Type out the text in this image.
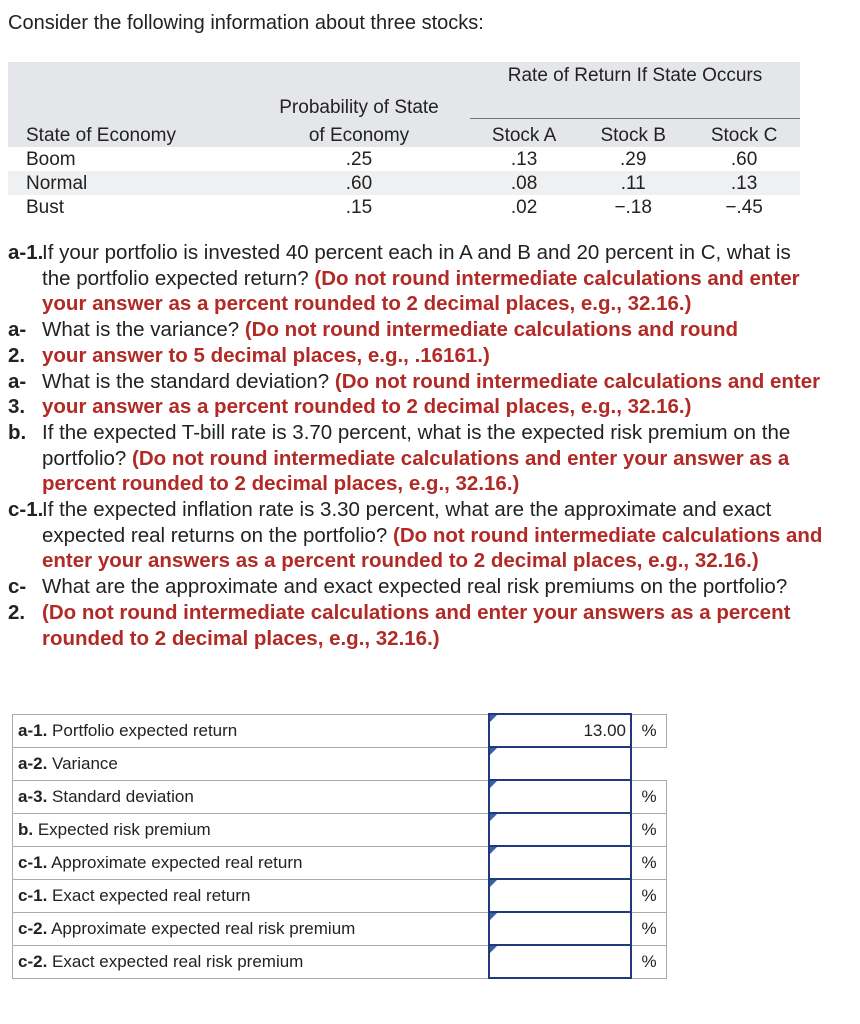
Consider the following information about three stocks:
		Rate of Return If State Occurs		
	Probability of State			
State of Economy	of Economy	Stock A	Stock B	Stock C
Boom	.25	.13	.29	.60
Normal	.60	.08	.11	.13
Bust	.15	.02	−.18	−.45
a-1.
If your portfolio is invested 40 percent each in A and B and 20 percent in C, what is
the portfolio expected return? (Do not round intermediate calculations and enter
your answer as a percent rounded to 2 decimal places, e.g., 32.16.)
a-
2.
What is the variance? (Do not round intermediate calculations and round
your answer to 5 decimal places, e.g., .16161.)
a-
3.
What is the standard deviation? (Do not round intermediate calculations and enter
your answer as a percent rounded to 2 decimal places, e.g., 32.16.)
b. If the expected T-bill rate is 3.70 percent, what is the expected risk premium on the
portfolio? (Do not round intermediate calculations and enter your answer as a
percent rounded to 2 decimal places, e.g., 32.16.)
c-1.
If the expected inflation rate is 3.30 percent, what are the approximate and exact
expected real returns on the portfolio? (Do not round intermediate calculations and
enter your answers as a percent rounded to 2 decimal places, e.g., 32.16.)
c-
2.
What are the approximate and exact expected real risk premiums on the portfolio?
(Do not round intermediate calculations and enter your answers as a percent
rounded to 2 decimal places, e.g., 32.16.)
a-1. Portfolio expected return	13.00	%
a-2. Variance	

a-3. Standard deviation		%
b. Expected risk premium		%
c-1. Approximate expected real return		%
c-1. Exact expected real return		%
c-2. Approximate expected real risk premium		%
c-2. Exact expected real risk premium		%
